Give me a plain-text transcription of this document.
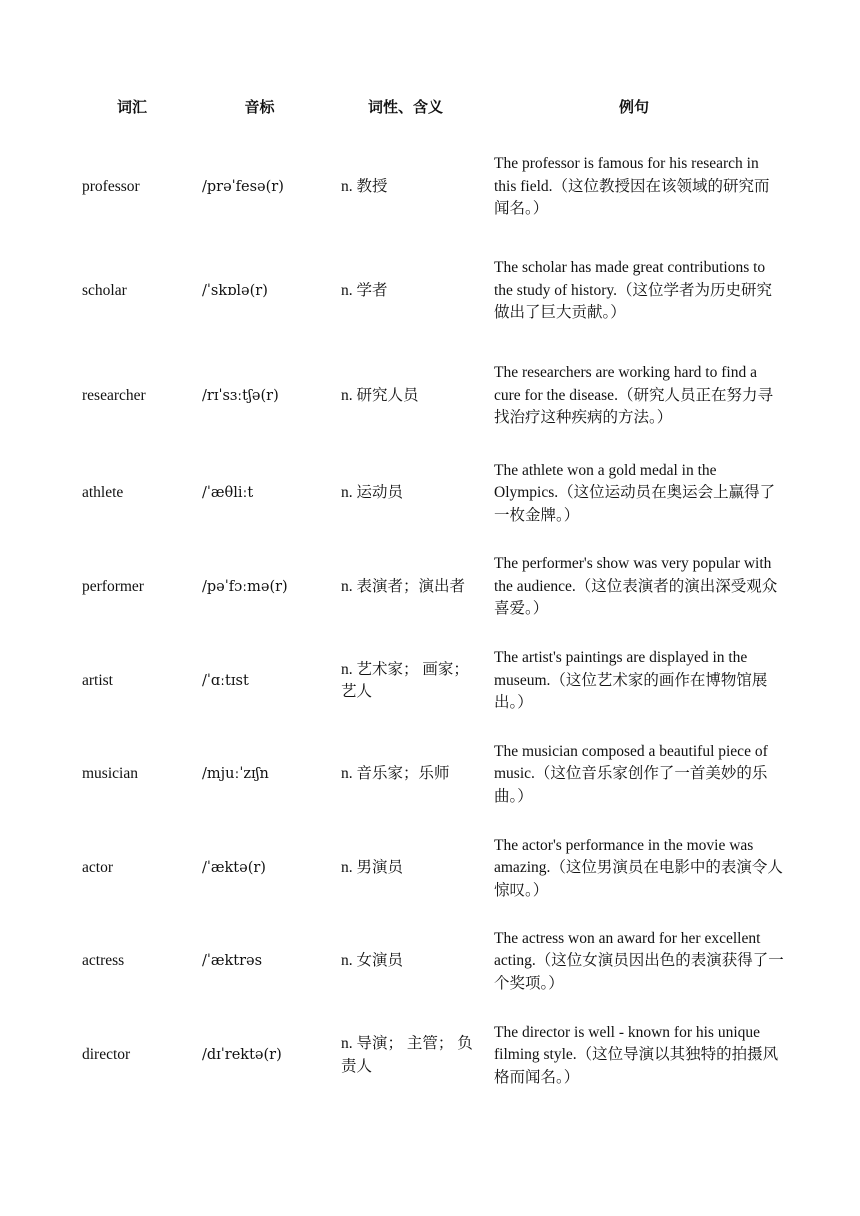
词汇	音标	词性、含义	例句
professor	/prəˈfesə(r)	n. 教授	The professor is famous for his research in this field.（这位教授因在该领域的研究而闻名。）
scholar	/ˈskɒlə(r)	n. 学者	The scholar has made great contributions to the study of history.（这位学者为历史研究做出了巨大贡献。）
researcher	/rɪˈsɜːtʃə(r)	n. 研究人员	The researchers are working hard to find a cure for the disease.（研究人员正在努力寻找治疗这种疾病的方法。）
athlete	/ˈæθliːt	n. 运动员	The athlete won a gold medal in the Olympics.（这位运动员在奥运会上赢得了一枚金牌。）
performer	/pəˈfɔːmə(r)	n. 表演者；演出者	The performer's show was very popular with the audience.（这位表演者的演出深受观众喜爱。）
artist	/ˈɑːtɪst	n. 艺术家； 画家； 艺人	The artist's paintings are displayed in the museum.（这位艺术家的画作在博物馆展出。）
musician	/mjuːˈzɪʃn	n. 音乐家；乐师	The musician composed a beautiful piece of music.（这位音乐家创作了一首美妙的乐曲。）
actor	/ˈæktə(r)	n. 男演员	The actor's performance in the movie was amazing.（这位男演员在电影中的表演令人惊叹。）
actress	/ˈæktrəs	n. 女演员	The actress won an award for her excellent acting.（这位女演员因出色的表演获得了一个奖项。）
director	/dɪˈrektə(r)	n. 导演； 主管； 负责人	The director is well - known for his unique filming style.（这位导演以其独特的拍摄风格而闻名。）
